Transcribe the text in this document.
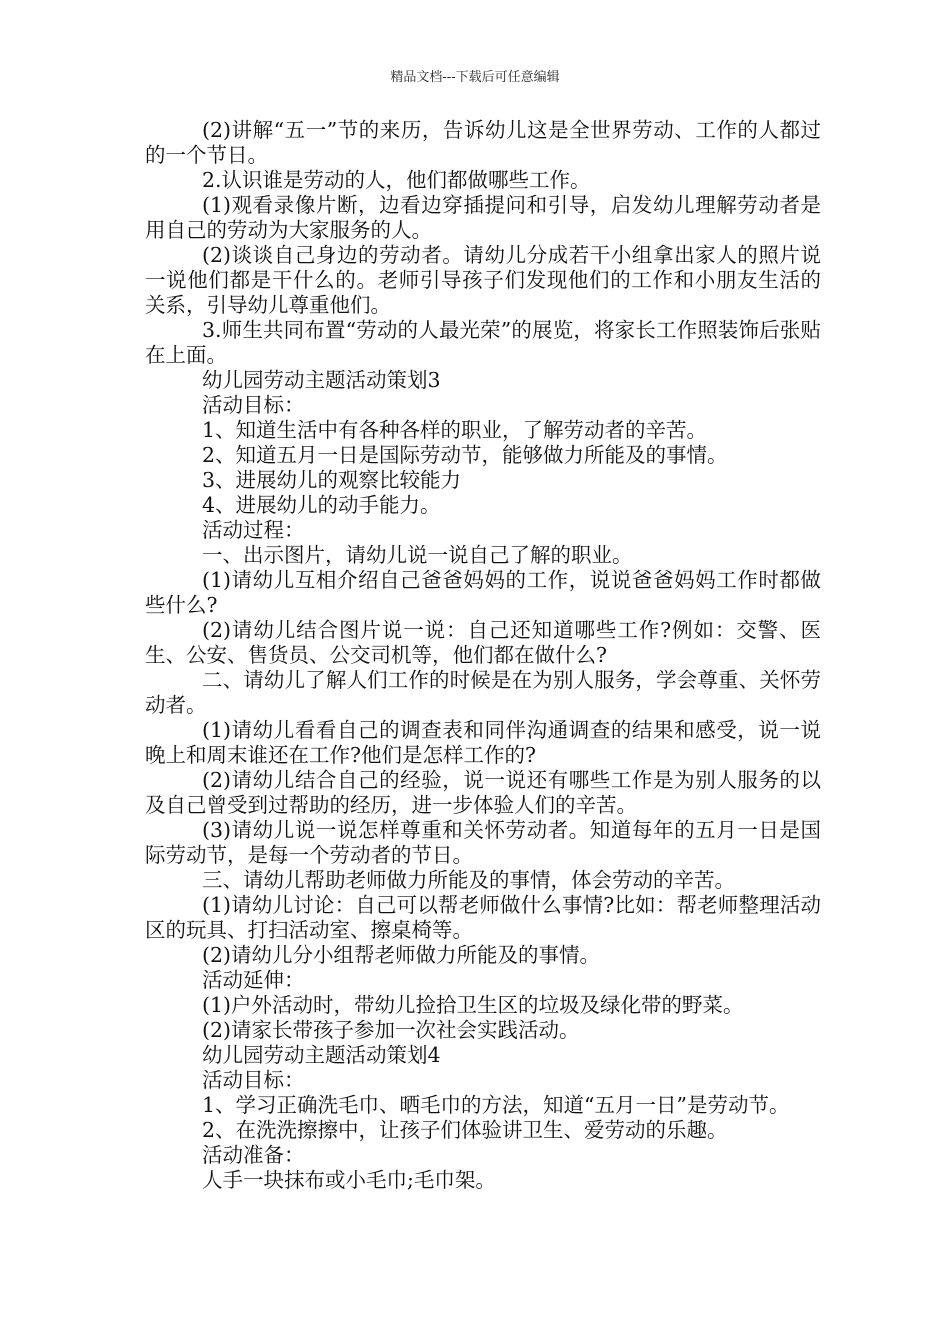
精品文档---下载后可任意编辑

(2)讲解“五一”节的来历，告诉幼儿这是全世界劳动、工作的人都过的一个节日。

2.认识谁是劳动的人，他们都做哪些工作。

(1)观看录像片断，边看边穿插提问和引导，启发幼儿理解劳动者是用自己的劳动为大家服务的人。

(2)谈谈自己身边的劳动者。请幼儿分成若干小组拿出家人的照片说一说他们都是干什么的。老师引导孩子们发现他们的工作和小朋友生活的关系，引导幼儿尊重他们。

3.师生共同布置“劳动的人最光荣”的展览，将家长工作照装饰后张贴在上面。

幼儿园劳动主题活动策划3

活动目标：

1、知道生活中有各种各样的职业，了解劳动者的辛苦。

2、知道五月一日是国际劳动节，能够做力所能及的事情。

3、进展幼儿的观察比较能力

4、进展幼儿的动手能力。

活动过程：

一、出示图片，请幼儿说一说自己了解的职业。

(1)请幼儿互相介绍自己爸爸妈妈的工作，说说爸爸妈妈工作时都做些什么?

(2)请幼儿结合图片说一说：自己还知道哪些工作?例如：交警、医生、公安、售货员、公交司机等，他们都在做什么?

二、请幼儿了解人们工作的时候是在为别人服务，学会尊重、关怀劳动者。

(1)请幼儿看看自己的调查表和同伴沟通调查的结果和感受，说一说晚上和周末谁还在工作?他们是怎样工作的?

(2)请幼儿结合自己的经验，说一说还有哪些工作是为别人服务的以及自己曾受到过帮助的经历，进一步体验人们的辛苦。

(3)请幼儿说一说怎样尊重和关怀劳动者。知道每年的五月一日是国际劳动节，是每一个劳动者的节日。

三、请幼儿帮助老师做力所能及的事情，体会劳动的辛苦。

(1)请幼儿讨论：自己可以帮老师做什么事情?比如：帮老师整理活动区的玩具、打扫活动室、擦桌椅等。

(2)请幼儿分小组帮老师做力所能及的事情。

活动延伸：

(1)户外活动时，带幼儿捡拾卫生区的垃圾及绿化带的野菜。

(2)请家长带孩子参加一次社会实践活动。

幼儿园劳动主题活动策划4

活动目标：

1、学习正确洗毛巾、晒毛巾的方法，知道“五月一日”是劳动节。

2、在洗洗擦擦中，让孩子们体验讲卫生、爱劳动的乐趣。

活动准备：

人手一块抹布或小毛巾;毛巾架。
